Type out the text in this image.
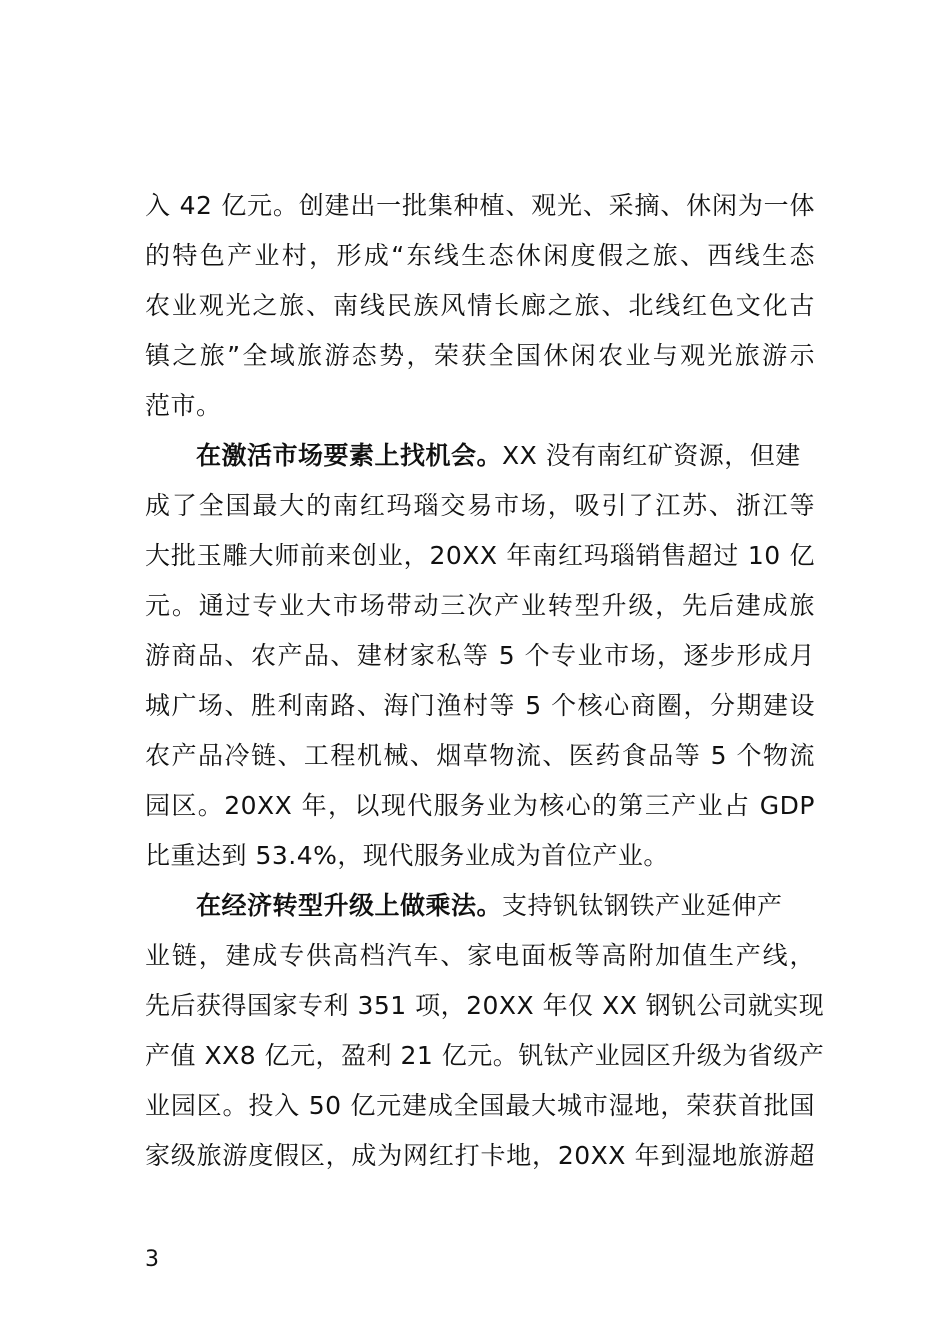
入 42 亿元。创建出一批集种植、观光、采摘、休闲为一体
的特色产业村，形成“东线生态休闲度假之旅、西线生态
农业观光之旅、南线民族风情长廊之旅、北线红色文化古
镇之旅”全域旅游态势，荣获全国休闲农业与观光旅游示
范市。
在激活市场要素上找机会。XX 没有南红矿资源，但建
成了全国最大的南红玛瑙交易市场，吸引了江苏、浙江等
大批玉雕大师前来创业，20XX 年南红玛瑙销售超过 10 亿
元。通过专业大市场带动三次产业转型升级，先后建成旅
游商品、农产品、建材家私等 5 个专业市场，逐步形成月
城广场、胜利南路、海门渔村等 5 个核心商圈，分期建设
农产品冷链、工程机械、烟草物流、医药食品等 5 个物流
园区。20XX 年，以现代服务业为核心的第三产业占 GDP
比重达到 53.4%，现代服务业成为首位产业。
在经济转型升级上做乘法。支持钒钛钢铁产业延伸产
业链，建成专供高档汽车、家电面板等高附加值生产线，
先后获得国家专利 351 项，20XX 年仅 XX 钢钒公司就实现
产值 XX8 亿元，盈利 21 亿元。钒钛产业园区升级为省级产
业园区。投入 50 亿元建成全国最大城市湿地，荣获首批国
家级旅游度假区，成为网红打卡地，20XX 年到湿地旅游超
3
